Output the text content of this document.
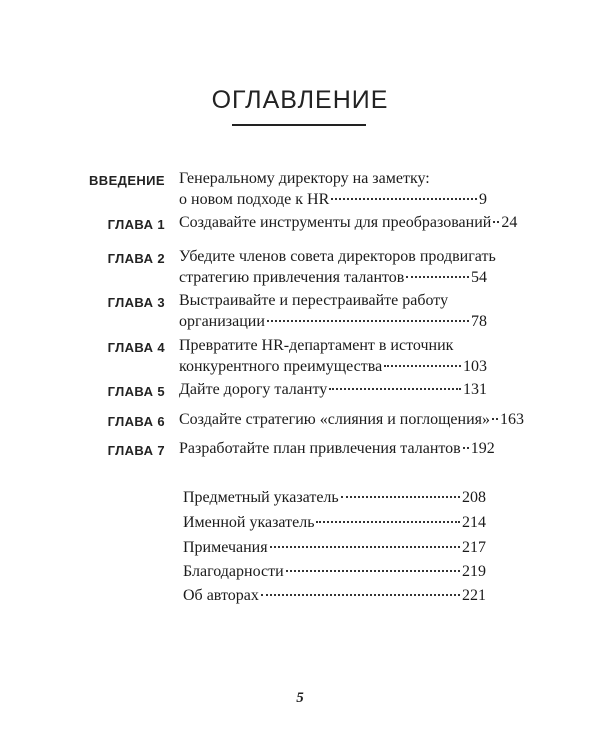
ОГЛАВЛЕНИЕ
ВВЕДЕНИЕ Генеральному директору на заметку:
о новом подходе к HR	9
ГЛАВА 1 Создавайте инструменты для преобразований 24
ГЛАВА 2 Убедите членов совета директоров продвигать
стратегию привлечения талантов	54
ГЛАВА 3 Выстраивайте и перестраивайте работу
организации	78
ГЛАВА 4 Превратите HR-департамент в источник
конкурентного преимущества	103
ГЛАВА 5 Дайте дорогу таланту	131
ГЛАВА 6 Создайте стратегию «слияния и поглощения» 163
ГЛАВА 7 Разработайте план привлечения талантов 192
Предметный указатель	208
Именной указатель	214
Примечания	217
Благодарности	219
Об авторах	221
5
